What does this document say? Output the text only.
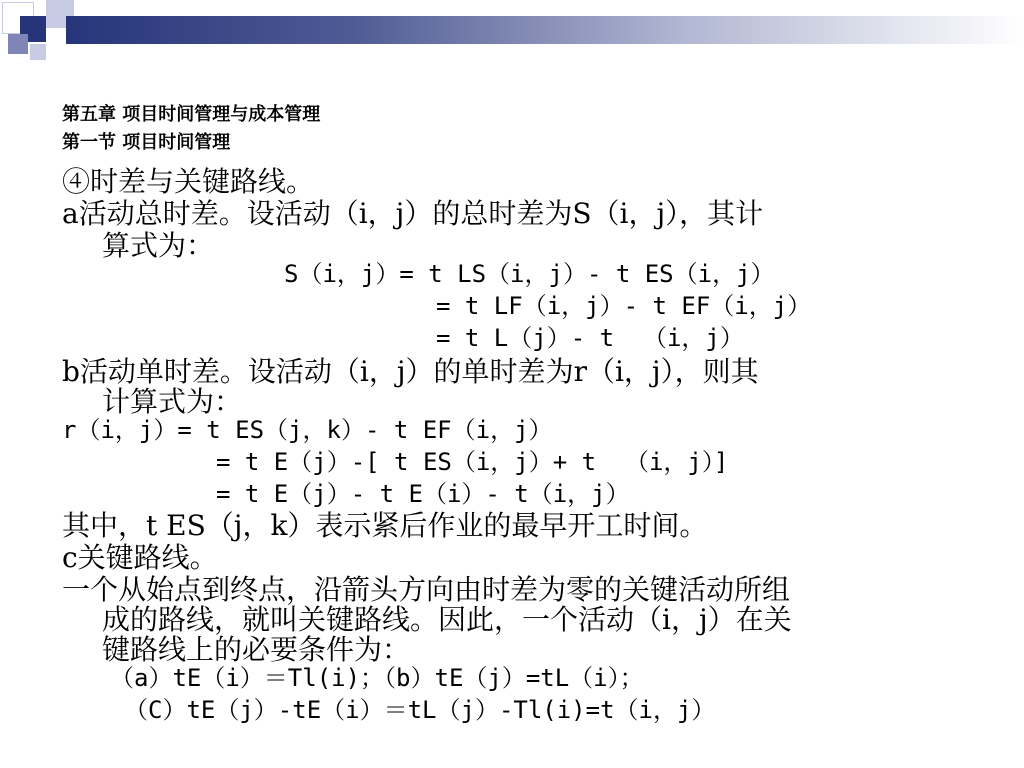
第五章 项目时间管理与成本管理
第一节 项目时间管理
④时差与关键路线。
a活动总时差。设活动（i，j）的总时差为S（i，j），其计
算式为：
S（i，j）= t LS（i，j）- t ES（i，j）
= t LF（i，j）- t EF（i，j）
= t L（j）- t  （i，j）
b活动单时差。设活动（i，j）的单时差为r（i，j），则其
计算式为：
r（i，j）= t ES（j，k）- t EF（i，j）
= t E（j）-[ t ES（i，j）+ t  （i，j）]
= t E（j）- t E（i）- t（i，j）
其中，t ES（j，k）表示紧后作业的最早开工时间。
c关键路线。
一个从始点到终点，沿箭头方向由时差为零的关键活动所组
成的路线，就叫关键路线。因此，一个活动（i，j）在关
键路线上的必要条件为：
（a）tE（i）＝Tl(i)；（b）tE（j）=tL（i）；
（C）tE（j）-tE（i）＝tL（j）-Tl(i)=t（i，j）
